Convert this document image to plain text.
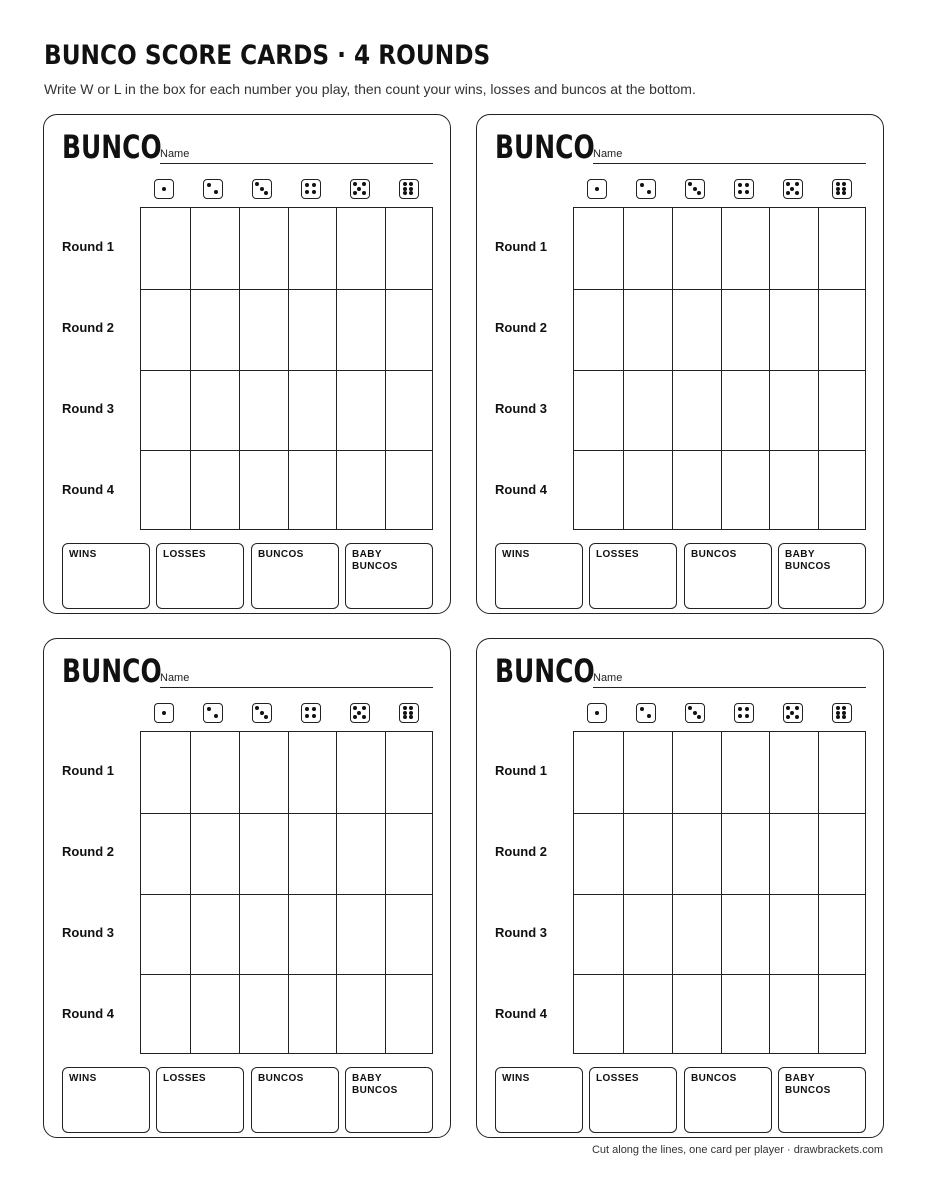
BUNCO SCORE CARDS · 4 ROUNDS
Write W or L in the box for each number you play, then count your wins, losses and buncos at the bottom.
BUNCO
Name
Round 1
Round 2
Round 3
Round 4
WINS	LOSSES	BUNCOS	BABY BUNCOS
BUNCO
Name
Round 1
Round 2
Round 3
Round 4
WINS	LOSSES	BUNCOS	BABY BUNCOS
BUNCO
Name
Round 1
Round 2
Round 3
Round 4
WINS	LOSSES	BUNCOS	BABY BUNCOS
BUNCO
Name
Round 1
Round 2
Round 3
Round 4
WINS	LOSSES	BUNCOS	BABY BUNCOS
Cut along the lines, one card per player · drawbrackets.com
